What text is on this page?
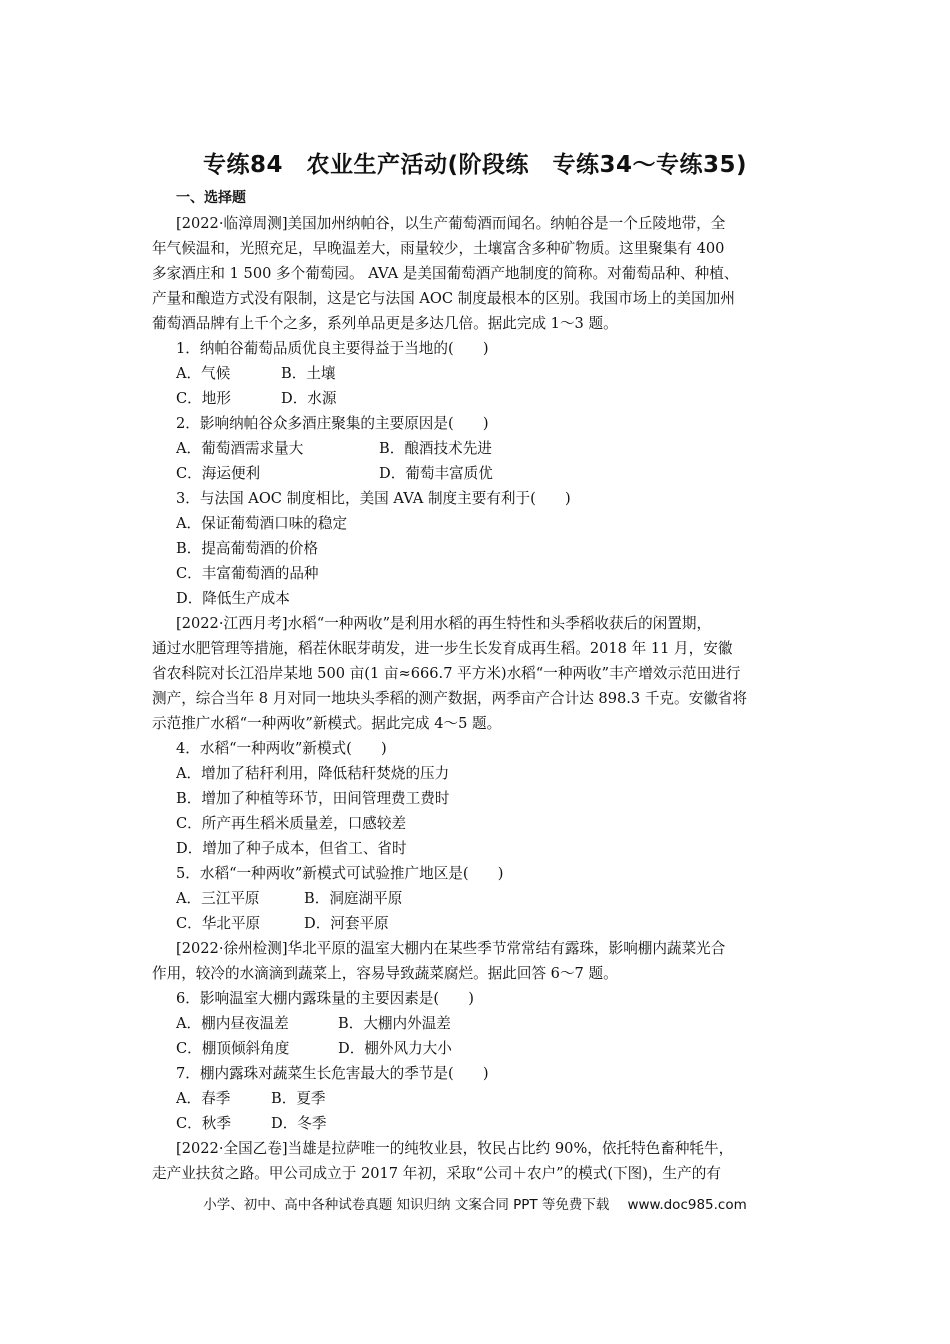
专练84　农业生产活动(阶段练　专练34～专练35)
一、选择题
[2022·临漳周测]美国加州纳帕谷，以生产葡萄酒而闻名。纳帕谷是一个丘陵地带，全
年气候温和，光照充足，早晚温差大，雨量较少，土壤富含多种矿物质。这里聚集有 400
多家酒庄和 1 500 多个葡萄园。 AVA 是美国葡萄酒产地制度的简称。对葡萄品种、种植、
产量和酿造方式没有限制，这是它与法国 AOC 制度最根本的区别。我国市场上的美国加州
葡萄酒品牌有上千个之多，系列单品更是多达几倍。据此完成 1～3 题。
1．纳帕谷葡萄品质优良主要得益于当地的(　　)
A．气候	B．土壤
C．地形	D．水源
2．影响纳帕谷众多酒庄聚集的主要原因是(　　)
A．葡萄酒需求量大	B．酿酒技术先进
C．海运便利	D．葡萄丰富质优
3．与法国 AOC 制度相比，美国 AVA 制度主要有利于(　　)
A．保证葡萄酒口味的稳定
B．提高葡萄酒的价格
C．丰富葡萄酒的品种
D．降低生产成本
[2022·江西月考]水稻“一种两收”是利用水稻的再生特性和头季稻收获后的闲置期，
通过水肥管理等措施，稻茬休眠芽萌发，进一步生长发育成再生稻。2018 年 11 月，安徽
省农科院对长江沿岸某地 500 亩(1 亩≈666.7 平方米)水稻“一种两收”丰产增效示范田进行
测产，综合当年 8 月对同一地块头季稻的测产数据，两季亩产合计达 898.3 千克。安徽省将
示范推广水稻“一种两收”新模式。据此完成 4～5 题。
4．水稻“一种两收”新模式(　　)
A．增加了秸秆利用，降低秸秆焚烧的压力
B．增加了种植等环节，田间管理费工费时
C．所产再生稻米质量差，口感较差
D．增加了种子成本，但省工、省时
5．水稻“一种两收”新模式可试验推广地区是(　　)
A．三江平原	B．洞庭湖平原
C．华北平原	D．河套平原
[2022·徐州检测]华北平原的温室大棚内在某些季节常常结有露珠，影响棚内蔬菜光合
作用，较冷的水滴滴到蔬菜上，容易导致蔬菜腐烂。据此回答 6～7 题。
6．影响温室大棚内露珠量的主要因素是(　　)
A．棚内昼夜温差	B．大棚内外温差
C．棚顶倾斜角度	D．棚外风力大小
7．棚内露珠对蔬菜生长危害最大的季节是(　　)
A．春季	B．夏季
C．秋季	D．冬季
[2022·全国乙卷]当雄是拉萨唯一的纯牧业县，牧民占比约 90%，依托特色畜种牦牛，
走产业扶贫之路。甲公司成立于 2017 年初，采取“公司＋农户”的模式(下图)，生产的有
小学、初中、高中各种试卷真题 知识归纳 文案合同 PPT 等免费下载 www.doc985.com
